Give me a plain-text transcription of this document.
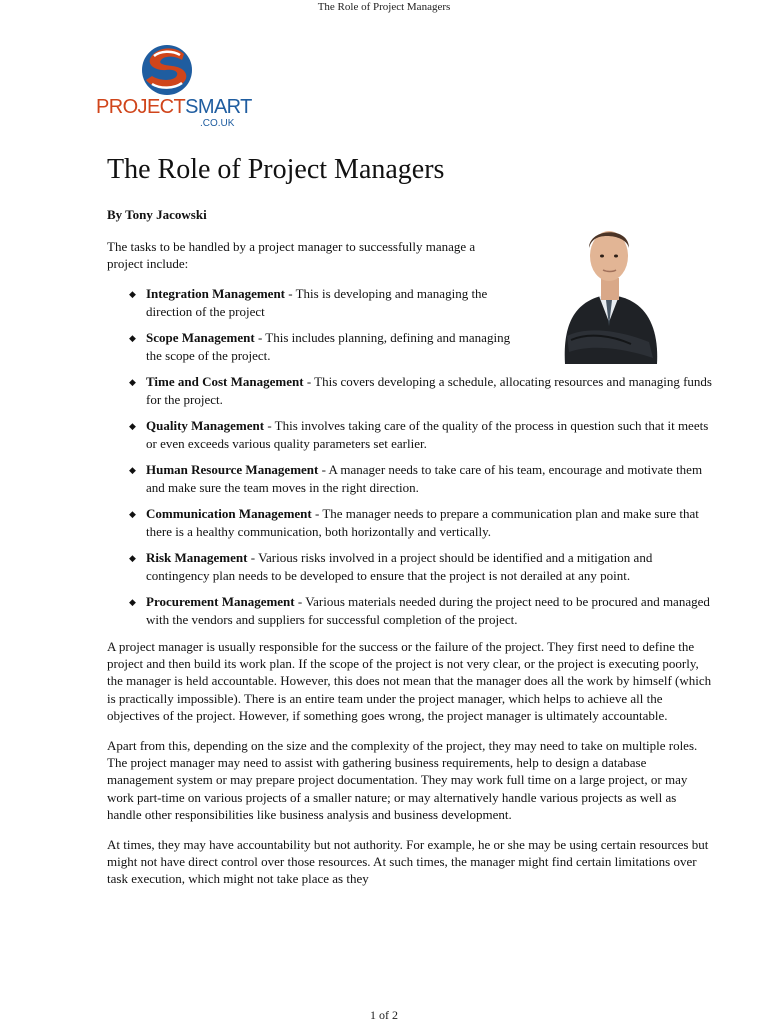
The Role of Project Managers
PROJECTSMART
.CO.UK
The Role of Project Managers
By Tony Jacowski
The tasks to be handled by a project manager to successfully manage a project include:
◆ Integration Management - This is developing and managing the direction of the project
◆ Scope Management - This includes planning, defining and managing the scope of the project.
◆ Time and Cost Management - This covers developing a schedule, allocating resources and managing funds for the project.
◆ Quality Management - This involves taking care of the quality of the process in question such that it meets or even exceeds various quality parameters set earlier.
◆ Human Resource Management - A manager needs to take care of his team, encourage and motivate them and make sure the team moves in the right direction.
◆ Communication Management - The manager needs to prepare a communication plan and make sure that there is a healthy communication, both horizontally and vertically.
◆ Risk Management - Various risks involved in a project should be identified and a mitigation and contingency plan needs to be developed to ensure that the project is not derailed at any point.
◆ Procurement Management - Various materials needed during the project need to be procured and managed with the vendors and suppliers for successful completion of the project.

A project manager is usually responsible for the success or the failure of the project. They first need to define the project and then build its work plan. If the scope of the project is not very clear, or the project is executing poorly, the manager is held accountable. However, this does not mean that the manager does all the work by himself (which is practically impossible). There is an entire team under the project manager, which helps to achieve all the objectives of the project. However, if something goes wrong, the project manager is ultimately accountable.

Apart from this, depending on the size and the complexity of the project, they may need to take on multiple roles. The project manager may need to assist with gathering business requirements, help to design a database management system or may prepare project documentation. They may work full time on a large project, or may work part-time on various projects of a smaller nature; or may alternatively handle various projects as well as handle other responsibilities like business analysis and business development.

At times, they may have accountability but not authority. For example, he or she may be using certain resources but might not have direct control over those resources. At such times, the manager might find certain limitations over task execution, which might not take place as they

1 of 2
